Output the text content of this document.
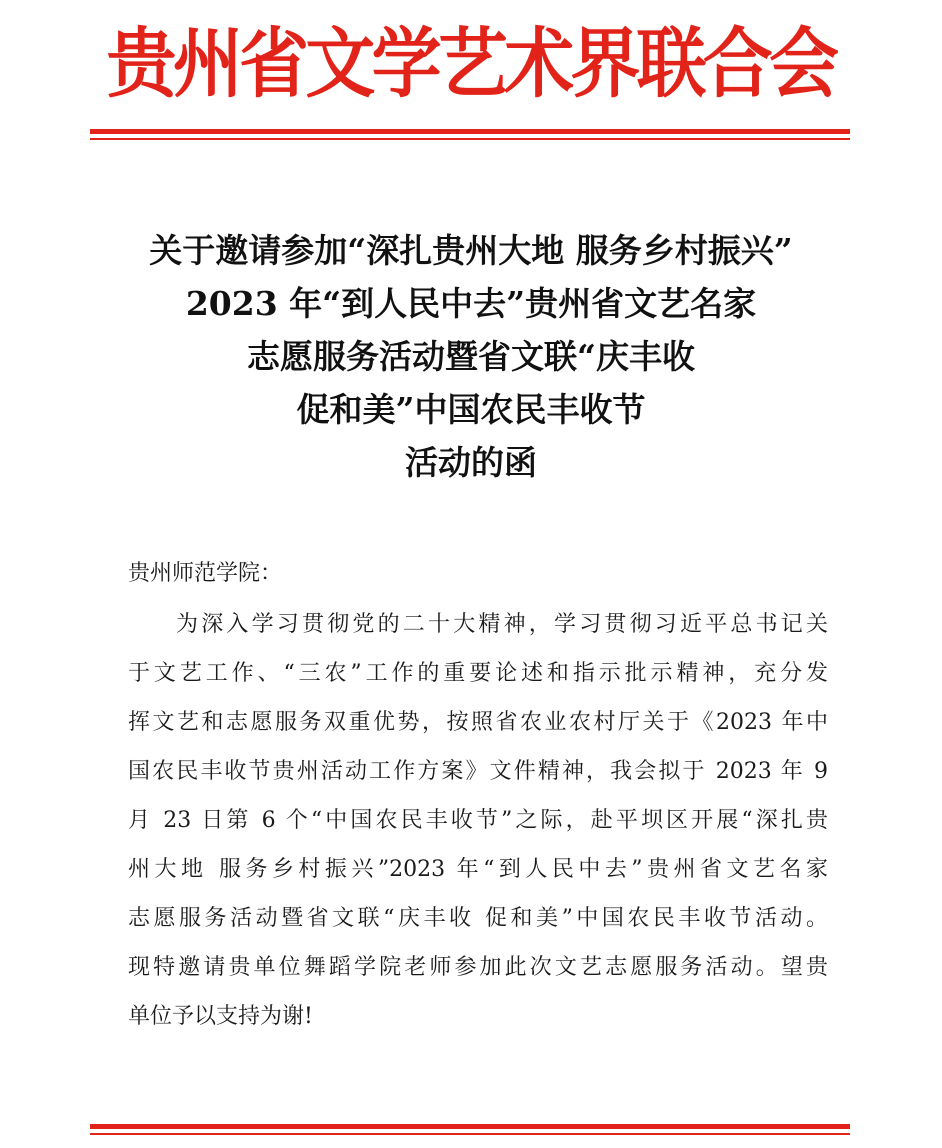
贵州省文学艺术界联合会
关于邀请参加“深扎贵州大地 服务乡村振兴”
2023 年“到人民中去”贵州省文艺名家
志愿服务活动暨省文联“庆丰收
促和美”中国农民丰收节
活动的函
贵州师范学院：
为深入学习贯彻党的二十大精神，学习贯彻习近平总书记关
于文艺工作、“三农”工作的重要论述和指示批示精神，充分发
挥文艺和志愿服务双重优势，按照省农业农村厅关于《2023 年中
国农民丰收节贵州活动工作方案》文件精神，我会拟于 2023 年 9
月 23 日第 6 个“中国农民丰收节”之际，赴平坝区开展“深扎贵
州大地 服务乡村振兴”2023 年“到人民中去”贵州省文艺名家
志愿服务活动暨省文联“庆丰收 促和美”中国农民丰收节活动。
现特邀请贵单位舞蹈学院老师参加此次文艺志愿服务活动。望贵
单位予以支持为谢!
